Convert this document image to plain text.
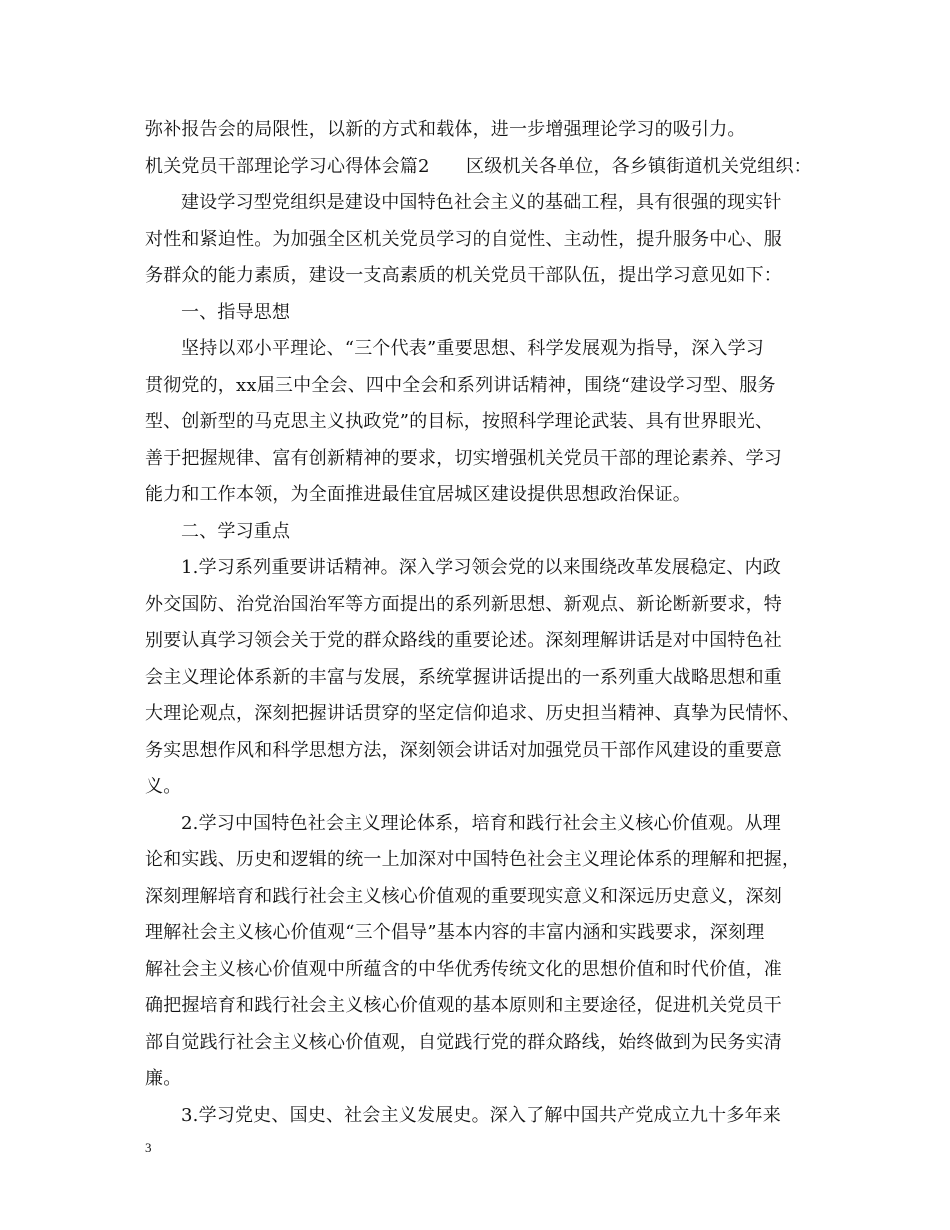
弥补报告会的局限性，以新的方式和载体，进一步增强理论学习的吸引力。
机关党员干部理论学习心得体会篇2　　区级机关各单位，各乡镇街道机关党组织：
建设学习型党组织是建设中国特色社会主义的基础工程，具有很强的现实针
对性和紧迫性。为加强全区机关党员学习的自觉性、主动性，提升服务中心、服
务群众的能力素质，建设一支高素质的机关党员干部队伍，提出学习意见如下：
一、指导思想
坚持以邓小平理论、“三个代表”重要思想、科学发展观为指导，深入学习
贯彻党的，xx届三中全会、四中全会和系列讲话精神，围绕“建设学习型、服务
型、创新型的马克思主义执政党”的目标，按照科学理论武装、具有世界眼光、
善于把握规律、富有创新精神的要求，切实增强机关党员干部的理论素养、学习
能力和工作本领，为全面推进最佳宜居城区建设提供思想政治保证。
二、学习重点
1.学习系列重要讲话精神。深入学习领会党的以来围绕改革发展稳定、内政
外交国防、治党治国治军等方面提出的系列新思想、新观点、新论断新要求，特
别要认真学习领会关于党的群众路线的重要论述。深刻理解讲话是对中国特色社
会主义理论体系新的丰富与发展，系统掌握讲话提出的一系列重大战略思想和重
大理论观点，深刻把握讲话贯穿的坚定信仰追求、历史担当精神、真挚为民情怀、
务实思想作风和科学思想方法，深刻领会讲话对加强党员干部作风建设的重要意
义。
2.学习中国特色社会主义理论体系，培育和践行社会主义核心价值观。从理
论和实践、历史和逻辑的统一上加深对中国特色社会主义理论体系的理解和把握，
深刻理解培育和践行社会主义核心价值观的重要现实意义和深远历史意义，深刻
理解社会主义核心价值观“三个倡导”基本内容的丰富内涵和实践要求，深刻理
解社会主义核心价值观中所蕴含的中华优秀传统文化的思想价值和时代价值，准
确把握培育和践行社会主义核心价值观的基本原则和主要途径，促进机关党员干
部自觉践行社会主义核心价值观，自觉践行党的群众路线，始终做到为民务实清
廉。
3.学习党史、国史、社会主义发展史。深入了解中国共产党成立九十多年来
3
